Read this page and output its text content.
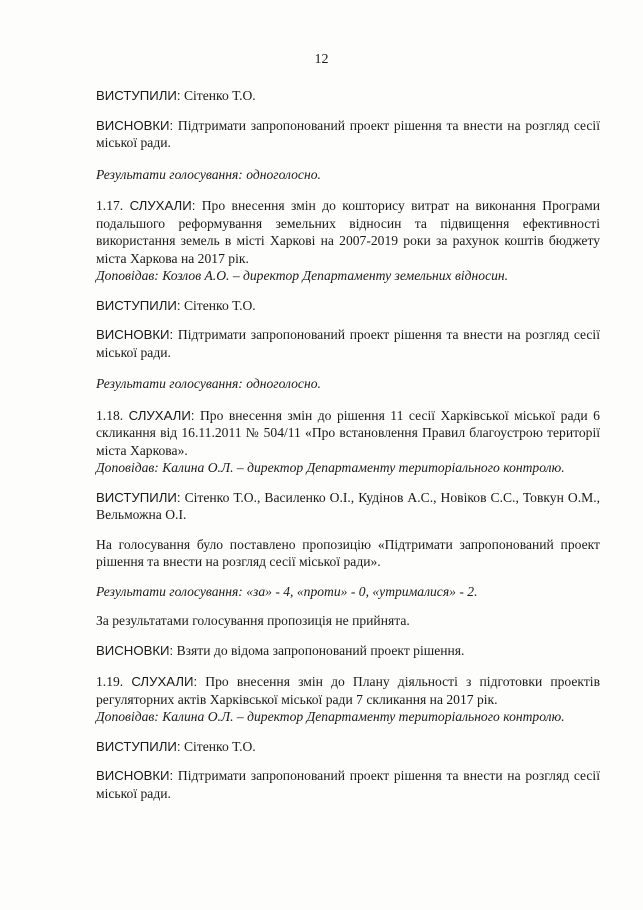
12

ВИСТУПИЛИ: Сітенко Т.О.

ВИСНОВКИ: Підтримати запропонований проект рішення та внести на розгляд сесії міської ради.

Результати голосування: одноголосно.

1.17. СЛУХАЛИ: Про внесення змін до кошторису витрат на виконання Програми подальшого реформування земельних відносин та підвищення ефективності використання земель в місті Харкові на 2007-2019 роки за рахунок коштів бюджету міста Харкова на 2017 рік.

Доповідав: Козлов А.О. – директор Департаменту земельних відносин.

ВИСТУПИЛИ: Сітенко Т.О.

ВИСНОВКИ: Підтримати запропонований проект рішення та внести на розгляд сесії міської ради.

Результати голосування: одноголосно.

1.18. СЛУХАЛИ: Про внесення змін до рішення 11 сесії Харківської міської ради 6 скликання від 16.11.2011 № 504/11 «Про встановлення Правил благоустрою території міста Харкова».

Доповідав: Калина О.Л. – директор Департаменту територіального контролю.

ВИСТУПИЛИ: Сітенко Т.О., Василенко О.І., Кудінов А.С., Новіков С.С., Товкун О.М., Вельможна О.І.

На голосування було поставлено пропозицію «Підтримати запропонований проект рішення та внести на розгляд сесії міської ради».

Результати голосування: «за» - 4, «проти» - 0, «утрималися» - 2.

За результатами голосування пропозиція не прийнята.

ВИСНОВКИ: Взяти до відома запропонований проект рішення.

1.19. СЛУХАЛИ: Про внесення змін до Плану діяльності з підготовки проектів регуляторних актів Харківської міської ради 7 скликання на 2017 рік.

Доповідав: Калина О.Л. – директор Департаменту територіального контролю.

ВИСТУПИЛИ: Сітенко Т.О.

ВИСНОВКИ: Підтримати запропонований проект рішення та внести на розгляд сесії міської ради.
